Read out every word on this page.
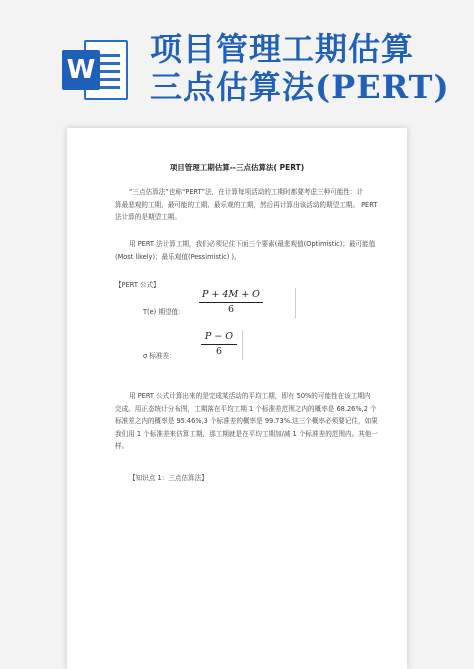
W
项目管理工期估算
三点估算法(PERT)
项目管理工期估算--三点估算法( PERT)
“三点估算法”也称“PERT”法，在计算每项活动的工期时都要考虑三种可能性：计
算最悲观的工期、最可能的工期、最乐观的工期，然后再计算出该活动的期望工期。 PERT
法计算的是期望工期。
用 PERT 法计算工期，我们必须记住下面三个要素(最悲观值(Optimistic)；最可能值
(Most likely)；最乐观值(Pessimistic) )。
【PERT 公式】
T(e) 期望值：
P + 4M + O
6
σ 标准差：
P − O
6
用 PERT 公式计算出来的是完成某活动的平均工期，即有 50%的可能性在该工期内
完成。用正态统计分布图，工期落在平均工期 1 个标准差范围之内的概率是 68.26%,2 个
标准差之内的概率是 95.46%,3 个标准差的概率是 99.73%.这三个概率必须要记住，如果
我们用 1 个标准差来估算工期，那工期就是在平均工期加/减 1 个标准差的范围内。其他一
样。
【知识点 1：三点估算法】
